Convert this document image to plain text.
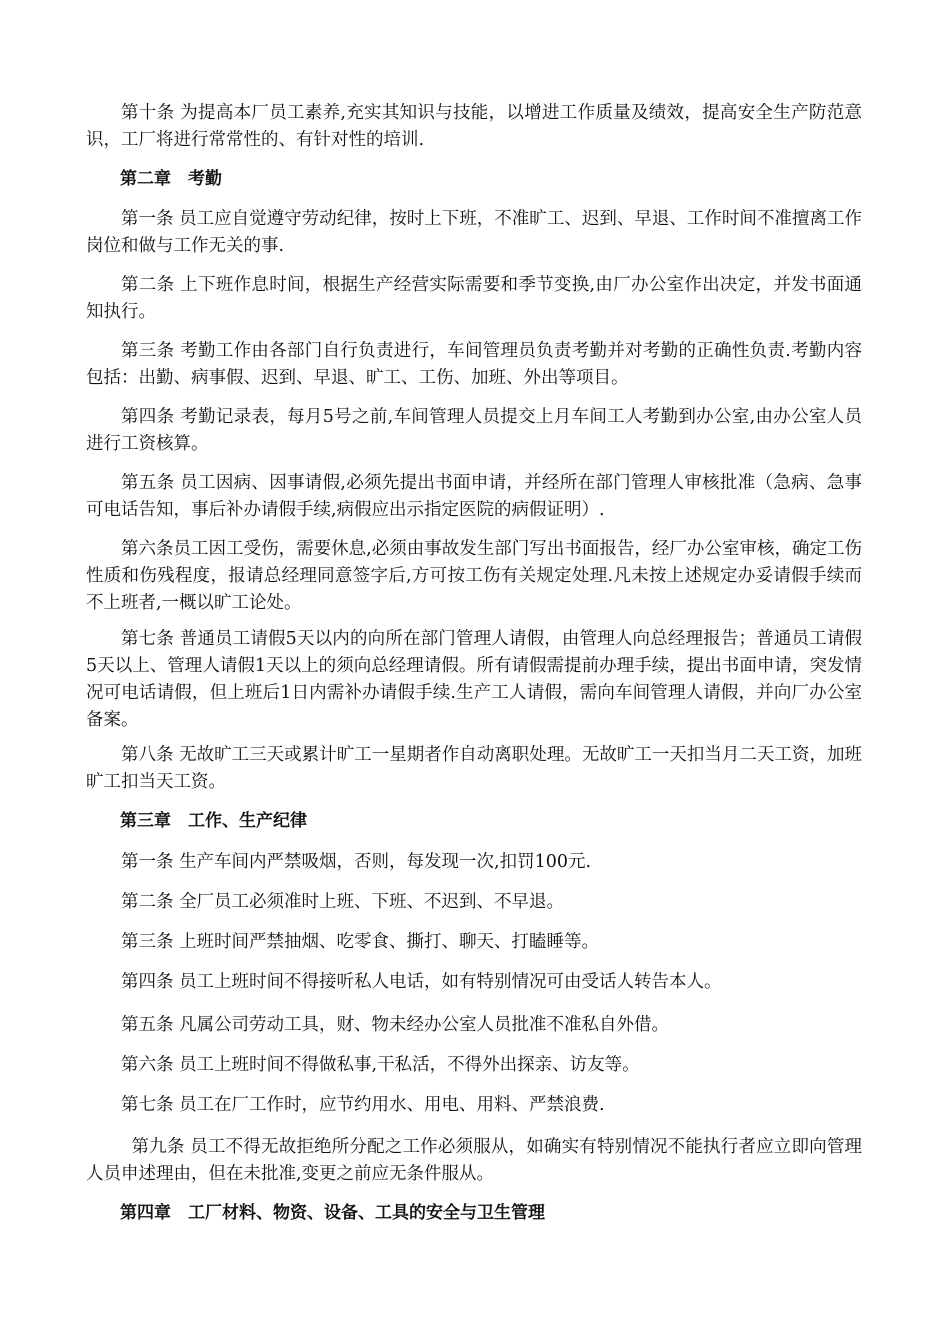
第十条 为提高本厂员工素养,充实其知识与技能，以增进工作质量及绩效，提高安全生产防范意识，工厂将进行常常性的、有针对性的培训.

第二章　考勤

第一条 员工应自觉遵守劳动纪律，按时上下班，不准旷工、迟到、早退、工作时间不准擅离工作岗位和做与工作无关的事.

第二条 上下班作息时间，根据生产经营实际需要和季节变换,由厂办公室作出决定，并发书面通知执行。

第三条 考勤工作由各部门自行负责进行，车间管理员负责考勤并对考勤的正确性负责.考勤内容包括：出勤、病事假、迟到、早退、旷工、工伤、加班、外出等项目。

第四条 考勤记录表，每月5号之前,车间管理人员提交上月车间工人考勤到办公室,由办公室人员进行工资核算。

第五条 员工因病、因事请假,必须先提出书面申请，并经所在部门管理人审核批准（急病、急事可电话告知，事后补办请假手续,病假应出示指定医院的病假证明）.

第六条员工因工受伤，需要休息,必须由事故发生部门写出书面报告，经厂办公室审核，确定工伤性质和伤残程度，报请总经理同意签字后,方可按工伤有关规定处理.凡未按上述规定办妥请假手续而不上班者,一概以旷工论处。

第七条 普通员工请假5天以内的向所在部门管理人请假，由管理人向总经理报告；普通员工请假5天以上、管理人请假1天以上的须向总经理请假。所有请假需提前办理手续，提出书面申请，突发情况可电话请假，但上班后1日内需补办请假手续.生产工人请假，需向车间管理人请假，并向厂办公室备案。

第八条 无故旷工三天或累计旷工一星期者作自动离职处理。无故旷工一天扣当月二天工资，加班旷工扣当天工资。

第三章　工作、生产纪律

第一条 生产车间内严禁吸烟，否则，每发现一次,扣罚100元.

第二条 全厂员工必须准时上班、下班、不迟到、不早退。

第三条 上班时间严禁抽烟、吃零食、撕打、聊天、打瞌睡等。

第四条 员工上班时间不得接听私人电话，如有特别情况可由受话人转告本人。

第五条 凡属公司劳动工具，财、物未经办公室人员批准不准私自外借。

第六条 员工上班时间不得做私事,干私活，不得外出探亲、访友等。

第七条 员工在厂工作时，应节约用水、用电、用料、严禁浪费.

第九条 员工不得无故拒绝所分配之工作必须服从，如确实有特别情况不能执行者应立即向管理人员申述理由，但在未批准,变更之前应无条件服从。

第四章　工厂材料、物资、设备、工具的安全与卫生管理
